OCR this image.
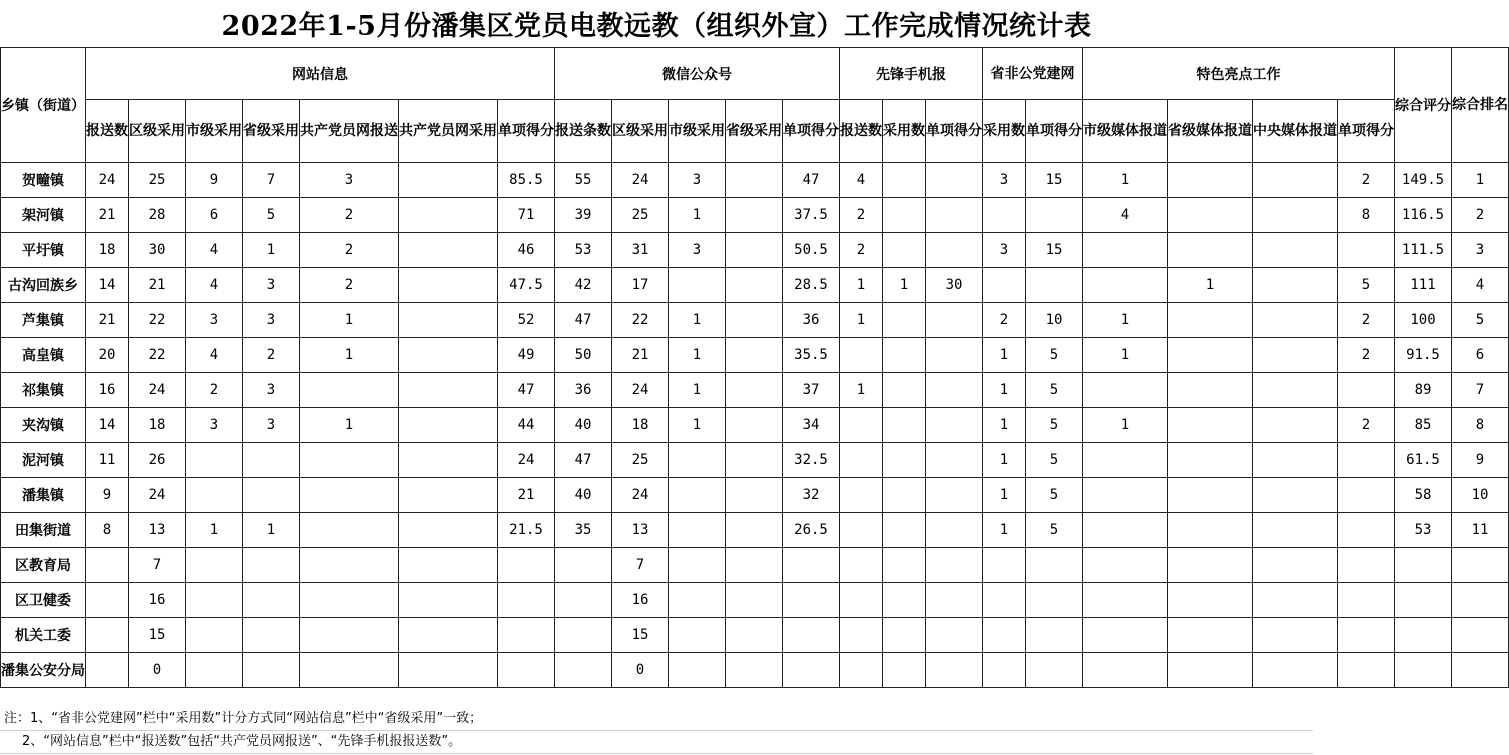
2022年1-5月份潘集区党员电教远教（组织外宣）工作完成情况统计表
乡镇（街道）	网站信息							微信公众号					先锋手机报			省非公党建网		特色亮点工作				综合评分	综合排名
	报送数	区级采用	市级采用	省级采用	共产党员网报送	共产党员网采用	单项得分	报送条数	区级采用	市级采用	省级采用	单项得分	报送数	采用数	单项得分	采用数	单项得分	市级媒体报道	省级媒体报道	中央媒体报道	单项得分		
贺疃镇	24	25	9	7	3		85.5	55	24	3		47	4			3	15	1			2	149.5	1
架河镇	21	28	6	5	2		71	39	25	1		37.5	2					4			8	116.5	2
平圩镇	18	30	4	1	2		46	53	31	3		50.5	2			3	15					111.5	3
古沟回族乡	14	21	4	3	2		47.5	42	17			28.5	1	1	30				1		5	111	4
芦集镇	21	22	3	3	1		52	47	22	1		36	1			2	10	1			2	100	5
高皇镇	20	22	4	2	1		49	50	21	1		35.5				1	5	1			2	91.5	6
祁集镇	16	24	2	3			47	36	24	1		37	1			1	5					89	7
夹沟镇	14	18	3	3	1		44	40	18	1		34				1	5	1			2	85	8
泥河镇	11	26					24	47	25			32.5				1	5					61.5	9
潘集镇	9	24					21	40	24			32				1	5					58	10
田集街道	8	13	1	1			21.5	35	13			26.5				1	5					53	11
区教育局		7							7														
区卫健委		16							16														
机关工委		15							15														
潘集公安分局		0							0														
注：1、“省非公党建网”栏中“采用数”计分方式同“网站信息”栏中“省级采用”一致；
2、“网站信息”栏中“报送数”包括“共产党员网报送”、“先锋手机报报送数”。
